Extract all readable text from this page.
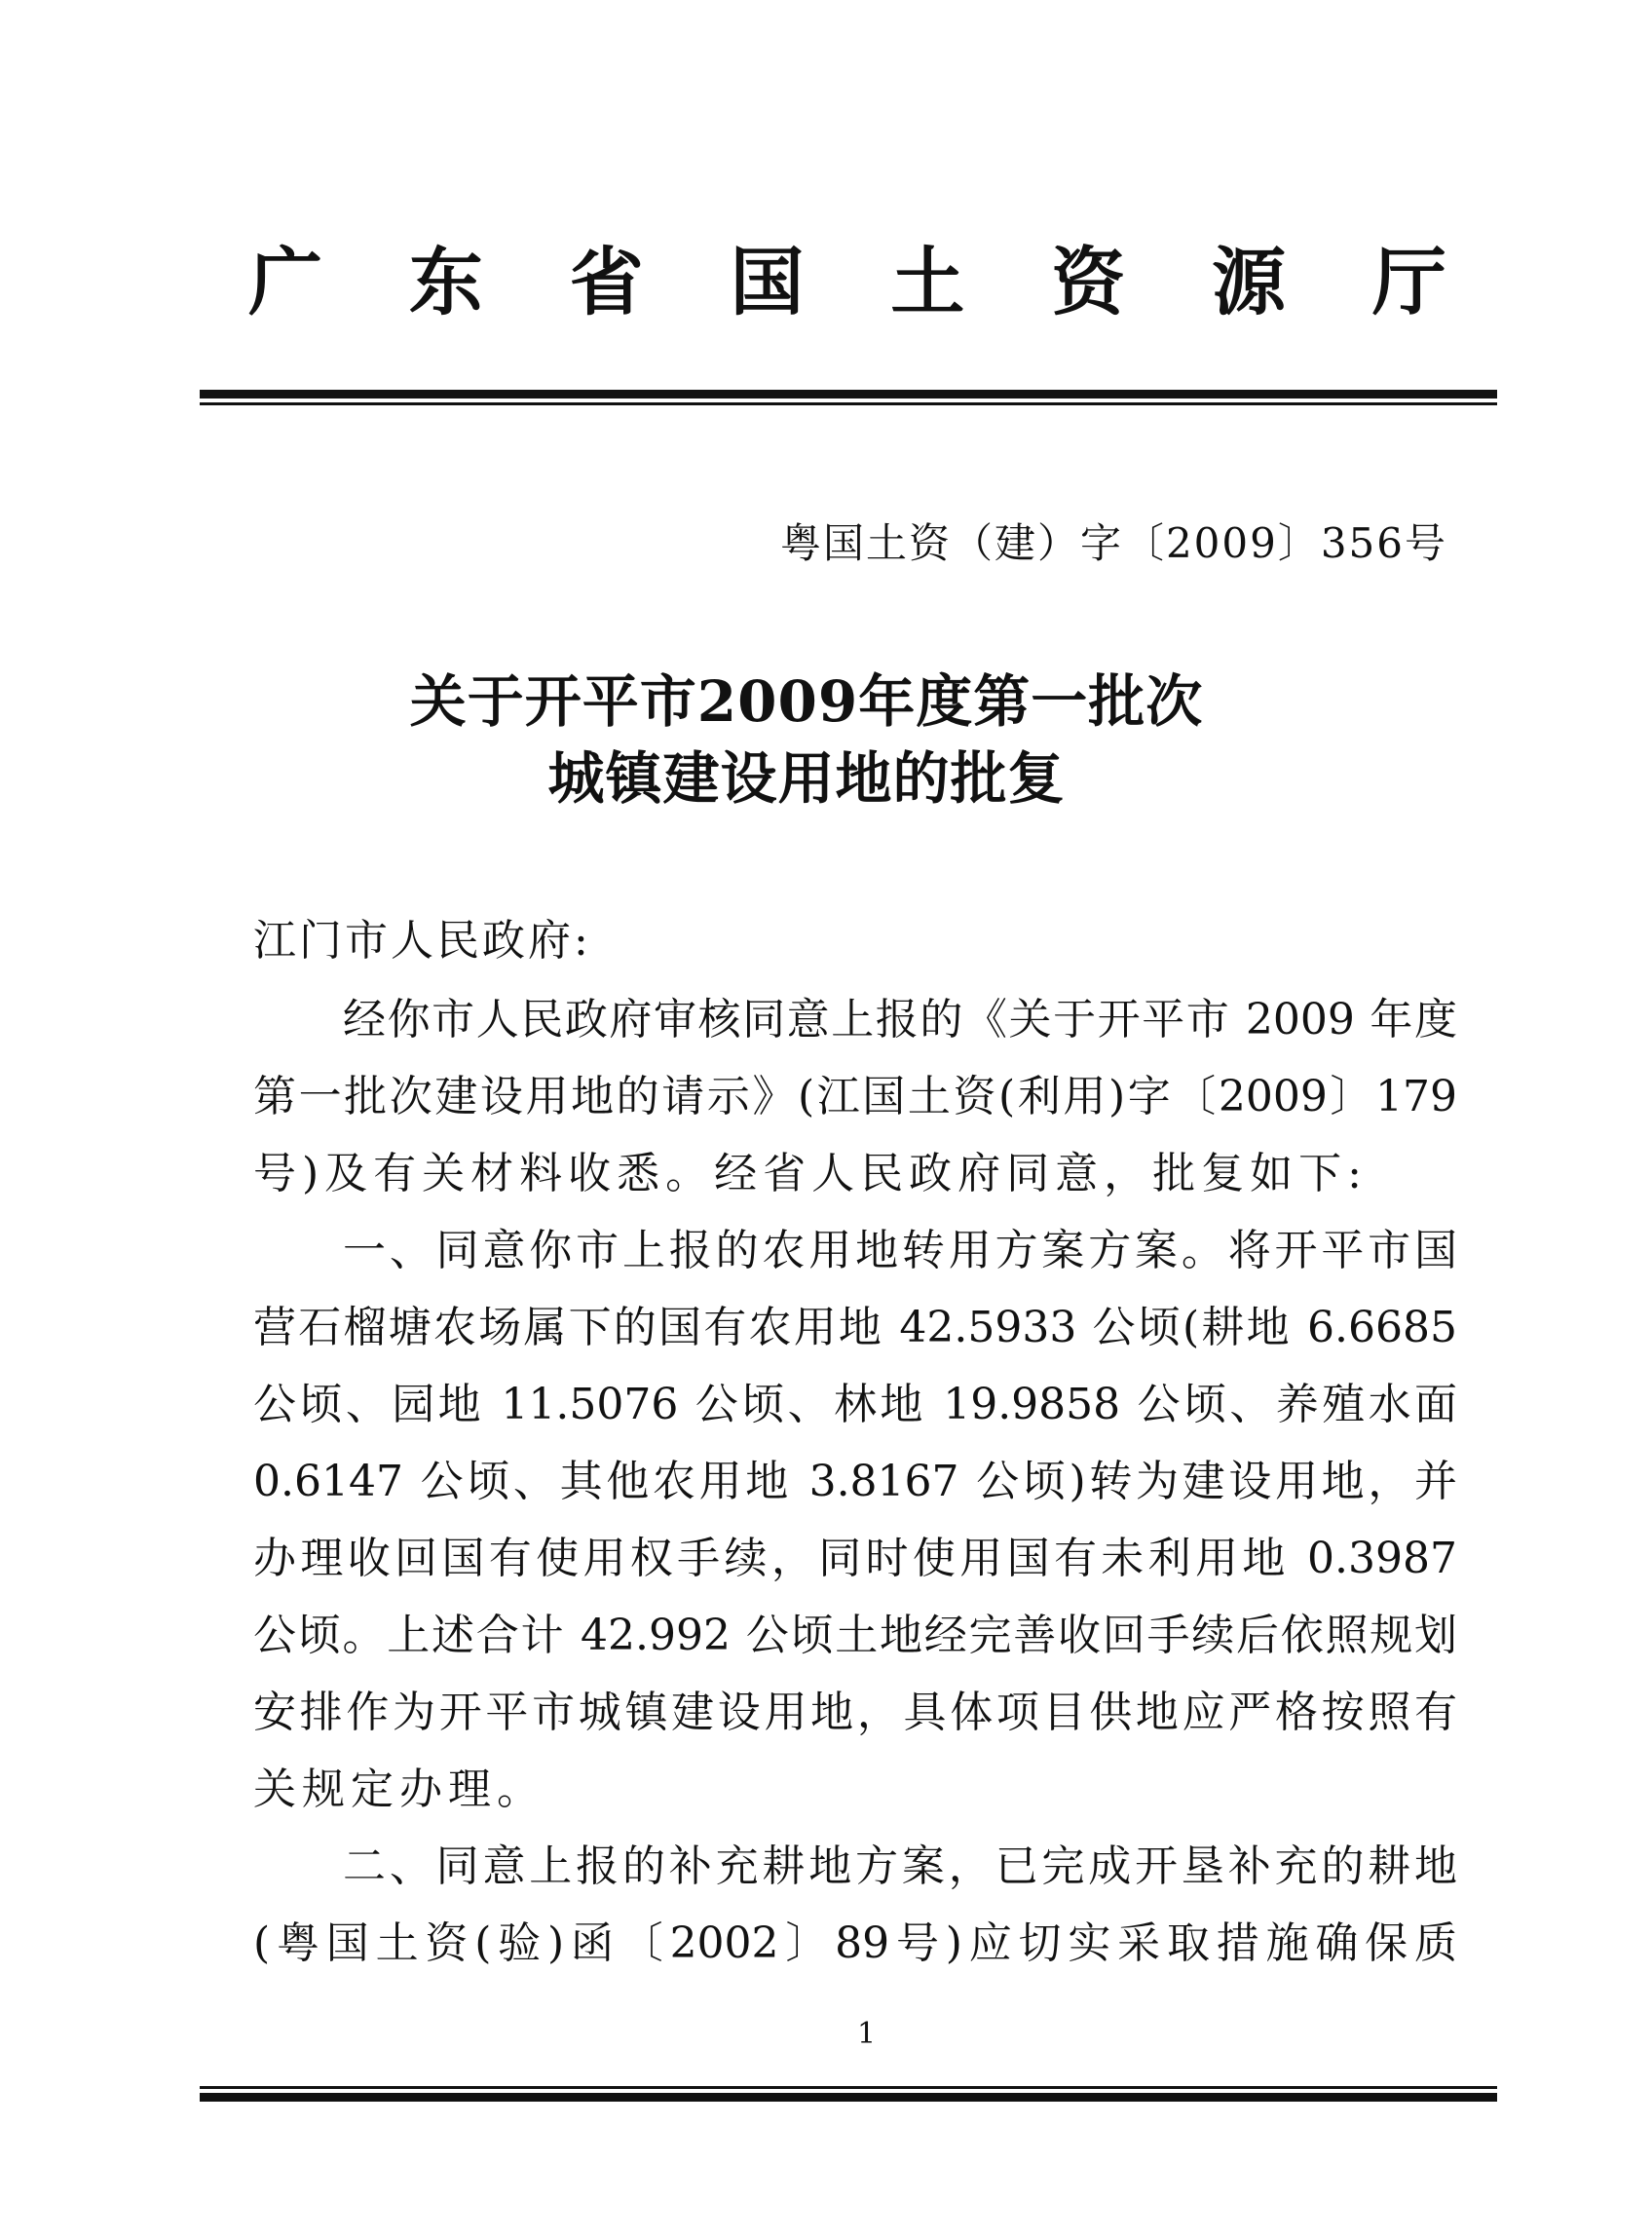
广 东 省 国 土 资 源 厅
粤国土资（建）字〔2009〕356号
关于开平市2009年度第一批次
城镇建设用地的批复
江门市人民政府:
经你市人民政府审核同意上报的《关于开平市 2009 年度
第一批次建设用地的请示》(江国土资(利用)字〔2009〕179
号)及有关材料收悉。经省人民政府同意，批复如下:
一、同意你市上报的农用地转用方案方案。将开平市国
营石榴塘农场属下的国有农用地 42.5933 公顷(耕地 6.6685
公顷、园地 11.5076 公顷、林地 19.9858 公顷、养殖水面
0.6147 公顷、其他农用地 3.8167 公顷)转为建设用地，并
办理收回国有使用权手续，同时使用国有未利用地 0.3987
公顷。上述合计 42.992 公顷土地经完善收回手续后依照规划
安排作为开平市城镇建设用地，具体项目供地应严格按照有
关规定办理。
二、同意上报的补充耕地方案，已完成开垦补充的耕地
(粤国土资(验)函〔2002〕89号)应切实采取措施确保质
1
